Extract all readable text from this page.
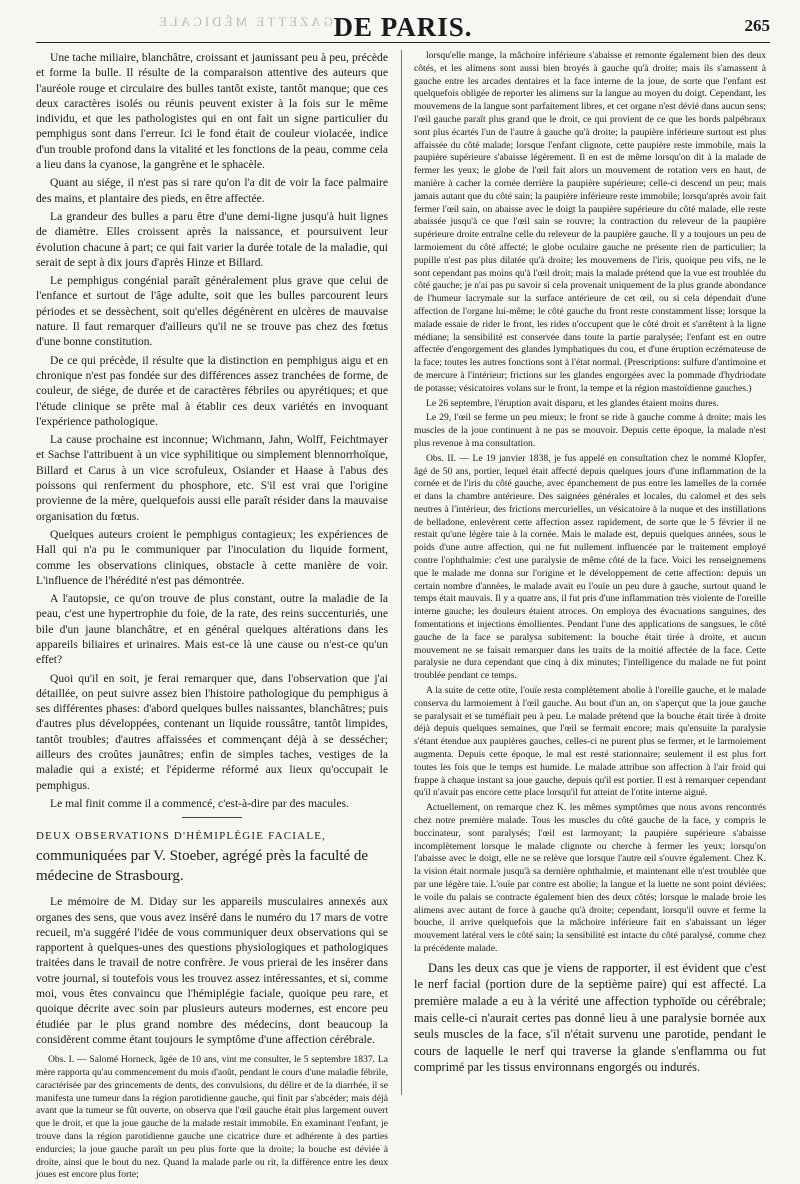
GAZETTE MÉDICALE DE PARIS.	265

Une tache miliaire, blanchâtre, croissant et jaunissant peu à peu, précède et forme la bulle. Il résulte de la comparaison attentive des auteurs que l'auréole rouge et circulaire des bulles tantôt existe, tantôt manque; que ces deux caractères isolés ou réunis peuvent exister à la fois sur le même individu, et que les pathologistes qui en ont fait un signe particulier du pemphigus sont dans l'erreur. Ici le fond était de couleur violacée, indice d'un trouble profond dans la vitalité et les fonctions de la peau, comme cela a lieu dans la cyanose, la gangrène et le sphacèle.

Quant au siége, il n'est pas si rare qu'on l'a dit de voir la face palmaire des mains, et plantaire des pieds, en être affectée.

La grandeur des bulles a paru être d'une demi-ligne jusqu'à huit lignes de diamètre. Elles croissent après la naissance, et poursuivent leur évolution chacune à part; ce qui fait varier la durée totale de la maladie, qui serait de sept à dix jours d'après Hinze et Billard.

Le pemphigus congénial paraît généralement plus grave que celui de l'enfance et surtout de l'âge adulte, soit que les bulles parcourent leurs périodes et se dessèchent, soit qu'elles dégénèrent en ulcères de mauvaise nature. Il faut remarquer d'ailleurs qu'il ne se trouve pas chez des fœtus d'une bonne constitution.

De ce qui précède, il résulte que la distinction en pemphigus aigu et en chronique n'est pas fondée sur des différences assez tranchées de forme, de couleur, de siége, de durée et de caractères fébriles ou apyrétiques; et que l'étude clinique se prête mal à établir ces deux variétés en invoquant l'expérience pathologique.

La cause prochaine est inconnue; Wichmann, Jahn, Wolff, Feichtmayer et Sachse l'attribuent à un vice syphilitique ou simplement blennorrhoïque, Billard et Carus à un vice scrofuleux, Osiander et Haase à l'abus des poissons qui renferment du phosphore, etc. S'il est vrai que l'origine provienne de la mère, quelquefois aussi elle paraît résider dans la mauvaise organisation du fœtus.

Quelques auteurs croient le pemphigus contagieux; les expériences de Hall qui n'a pu le communiquer par l'inoculation du liquide forment, comme les observations cliniques, obstacle à cette manière de voir. L'influence de l'hérédité n'est pas démontrée.

A l'autopsie, ce qu'on trouve de plus constant, outre la maladie de la peau, c'est une hypertrophie du foie, de la rate, des reins succenturiés, une bile d'un jaune blanchâtre, et en général quelques altérations dans les appareils biliaires et urinaires. Mais est-ce là une cause ou n'est-ce qu'un effet?

Quoi qu'il en soit, je ferai remarquer que, dans l'observation que j'ai détaillée, on peut suivre assez bien l'histoire pathologique du pemphigus à ses différentes phases: d'abord quelques bulles naissantes, blanchâtres; puis d'autres plus développées, contenant un liquide roussâtre, tantôt limpides, tantôt troubles; d'autres affaissées et commençant déjà à se dessécher; ailleurs des croûtes jaunâtres; enfin de simples taches, vestiges de la maladie qui a existé; et l'épiderme réformé aux lieux qu'occupait le pemphigus.

Le mal finit comme il a commencé, c'est-à-dire par des macules.

DEUX OBSERVATIONS D'HÉMIPLÉGIE FACIALE, communiquées par V. Stoeber, agrégé près la faculté de médecine de Strasbourg.

Le mémoire de M. Diday sur les appareils musculaires annexés aux organes des sens, que vous avez inséré dans le numéro du 17 mars de votre recueil, m'a suggéré l'idée de vous communiquer deux observations qui se rapportent à quelques-unes des questions physiologiques et pathologiques traitées dans le travail de notre confrère. Je vous prierai de les insérer dans votre journal, si toutefois vous les trouvez assez intéressantes, et si, comme moi, vous êtes convaincu que l'hémiplégie faciale, quoique peu rare, et quoique décrite avec soin par plusieurs auteurs modernes, est encore peu étudiée par le plus grand nombre des médecins, dont beaucoup la considèrent comme étant toujours le symptôme d'une affection cérébrale.

Obs. I. — Salomé Horneck, âgée de 10 ans, vint me consulter, le 5 septembre 1837. La mère rapporta qu'au commencement du mois d'août, pendant le cours d'une maladie fébrile, caractérisée par des grincements de dents, des convulsions, du délire et de la diarrhée, il se manifesta une tumeur dans la région parotidienne gauche, qui finit par s'abcéder; mais déjà avant que la tumeur se fût ouverte, on observa que l'œil gauche était plus largement ouvert que le droit, et que la joue gauche de la malade restait immobile. En examinant l'enfant, je trouve dans la région parotidienne gauche une cicatrice dure et adhérente à des parties endurcies; la joue gauche paraît un peu plus forte que la droite; la bouche est déviée à droite, ainsi que le bout du nez. Quand la malade parle ou rit, la différence entre les deux joues est encore plus forte;

lorsqu'elle mange, la mâchoire inférieure s'abaisse et remonte également bien des deux côtés, et les alimens sont aussi bien broyés à gauche qu'à droite; mais ils s'amassent à gauche entre les arcades dentaires et la face interne de la joue, de sorte que l'enfant est quelquefois obligée de reporter les alimens sur la langue au moyen du doigt. Cependant, les mouvemens de la langue sont parfaitement libres, et cet organe n'est dévié dans aucun sens; l'œil gauche paraît plus grand que le droit, ce qui provient de ce que les bords palpébraux sont plus écartés l'un de l'autre à gauche qu'à droite; la paupière inférieure surtout est plus affaissée du côté malade; lorsque l'enfant clignote, cette paupière reste immobile, mais la paupière supérieure s'abaisse légèrement. Il en est de même lorsqu'on dit à la malade de fermer les yeux; le globe de l'œil fait alors un mouvement de rotation vers en haut, de manière à cacher la cornée derrière la paupière supérieure; celle-ci descend un peu; mais jamais autant que du côté sain; la paupière inférieure reste immobile; lorsqu'après avoir fait fermer l'œil sain, on abaisse avec le doigt la paupière supérieure du côté malade, elle reste abaissée jusqu'à ce que l'œil sain se rouvre; la contraction du releveur de la paupière supérieure droite entraîne celle du releveur de la paupière gauche. Il y a toujours un peu de larmoiement du côté affecté; le globe oculaire gauche ne présente rien de particulier; la pupille n'est pas plus dilatée qu'à droite; les mouvemens de l'iris, quoique peu vifs, ne le sont cependant pas moins qu'à l'œil droit; mais la malade prétend que la vue est troublée du côté gauche; je n'ai pas pu savoir si cela provenait uniquement de la plus grande abondance de l'humeur lacrymale sur la surface antérieure de cet œil, ou si cela dépendait d'une affection de l'organe lui-même; le côté gauche du front reste constamment lisse; lorsque la malade essaie de rider le front, les rides n'occupent que le côté droit et s'arrêtent à la ligne médiane; la sensibilité est conservée dans toute la partie paralysée; l'enfant est en outre affectée d'engorgement des glandes lymphatiques du cou, et d'une éruption eczémateuse de la face; toutes les autres fonctions sont à l'état normal. (Prescriptions: sulfure d'antimoine et de mercure à l'intérieur; frictions sur les glandes engorgées avec la pommade d'hydriodate de potasse; vésicatoires volans sur le front, la tempe et la région mastoïdienne gauches.)

Le 26 septembre, l'éruption avait disparu, et les glandes étaient moins dures.

Le 29, l'œil se ferme un peu mieux; le front se ride à gauche comme à droite; mais les muscles de la joue continuent à ne pas se mouvoir. Depuis cette époque, la malade n'est plus revenue à ma consultation.

Obs. II. — Le 19 janvier 1838, je fus appelé en consultation chez le nommé Klopfer, âgé de 50 ans, portier, lequel était affecté depuis quelques jours d'une inflammation de la cornée et de l'iris du côté gauche, avec épanchement de pus entre les lamelles de la cornée et dans la chambre antérieure. Des saignées générales et locales, du calomel et des sels neutres à l'intérieur, des frictions mercurielles, un vésicatoire à la nuque et des instillations de belladone, enlevèrent cette affection assez rapidement, de sorte que le 5 février il ne restait qu'une légère taie à la cornée. Mais le malade est, depuis quelques années, sous le poids d'une autre affection, qui ne fut nullement influencée par le traitement employé contre l'ophthalmie: c'est une paralysie de même côté de la face. Voici les renseignemens que le malade me donna sur l'origine et le développement de cette affection: depuis un certain nombre d'années, le malade avait eu l'ouïe un peu dure à gauche, surtout quand le temps était mauvais. Il y a quatre ans, il fut pris d'une inflammation très violente de l'oreille interne gauche; les douleurs étaient atroces. On employa des évacuations sanguines, des fomentations et injections émollientes. Pendant l'une des applications de sangsues, le côté gauche de la face se paralysa subitement: la bouche était tirée à droite, et aucun mouvement ne se faisait remarquer dans les traits de la moitié affectée de la face. Cette paralysie ne dura cependant que cinq à dix minutes; l'intelligence du malade ne fut point troublée pendant ce temps.

A la suite de cette otite, l'ouïe resta complètement abolie à l'oreille gauche, et le malade conserva du larmoiement à l'œil gauche. Au bout d'un an, on s'aperçut que la joue gauche se paralysait et se tuméfiait peu à peu. Le malade prétend que la bouche était tirée à droite déjà depuis quelques semaines, que l'œil se fermait encore; mais qu'ensuite la paralysie s'étant étendue aux paupières gauches, celles-ci ne purent plus se fermer, et le larmoiement augmenta. Depuis cette époque, le mal est resté stationnaire; seulement il est plus fort toutes les fois que le temps est humide. Le malade attribue son affection à l'air froid qui frappe à chaque instant sa joue gauche, depuis qu'il est portier. Il est à remarquer cependant qu'il n'avait pas encore cette place lorsqu'il fut atteint de l'otite interne aiguë.

Actuellement, on remarque chez K. les mêmes symptômes que nous avons rencontrés chez notre première malade. Tous les muscles du côté gauche de la face, y compris le buccinateur, sont paralysés; l'œil est larmoyant; la paupière supérieure s'abaisse incomplètement lorsque le malade clignote ou cherche à fermer les yeux; lorsqu'on l'abaisse avec le doigt, elle ne se relève que lorsque l'autre œil s'ouvre également. Chez K. la vision était normale jusqu'à sa dernière ophthalmie, et maintenant elle n'est troublée que par une légère taie. L'ouïe par contre est abolie; la langue et la luette ne sont point déviées; le voile du palais se contracte également bien des deux côtés; lorsque le malade broie les alimens avec autant de force à gauche qu'à droite; cependant, lorsqu'il ouvre et ferme la bouche, il arrive quelquefois que la mâchoire inférieure fait en s'abaissant un léger mouvement latéral vers le côté sain; la sensibilité est intacte du côté paralysé, comme chez la précédente malade.

Dans les deux cas que je viens de rapporter, il est évident que c'est le nerf facial (portion dure de la septième paire) qui est affecté. La première malade a eu à la vérité une affection typhoïde ou cérébrale; mais celle-ci n'aurait certes pas donné lieu à une paralysie bornée aux seuls muscles de la face, s'il n'était survenu une parotide, pendant le cours de laquelle le nerf qui traverse la glande s'enflamma ou fut comprimé par les tissus environnans engorgés ou indurés.
